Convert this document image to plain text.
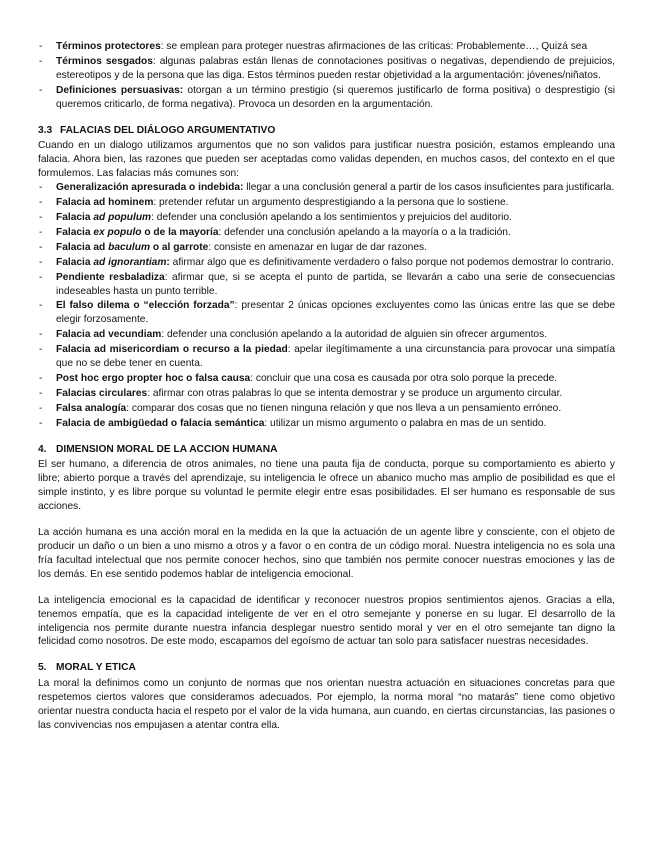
- Términos protectores: se emplean para proteger nuestras afirmaciones de las críticas: Probablemente…, Quizá sea
- Términos sesgados: algunas palabras están llenas de connotaciones positivas o negativas, dependiendo de prejuicios, estereotipos y de la persona que las diga. Estos términos pueden restar objetividad a la argumentación: jóvenes/niñatos.
- Definiciones persuasivas: otorgan a un término prestigio (si queremos justificarlo de forma positiva) o desprestigio (si queremos criticarlo, de forma negativa). Provoca un desorden en la argumentación.
3.3 FALACIAS DEL DIÁLOGO ARGUMENTATIVO

Cuando en un dialogo utilizamos argumentos que no son validos para justificar nuestra posición, estamos empleando una falacia. Ahora bien, las razones que pueden ser aceptadas como validas dependen, en muchos casos, del contexto en el que formulemos. Las falacias más comunes son:

- Generalización apresurada o indebida: llegar a una conclusión general a partir de los casos insuficientes para justificarla.
- Falacia ad hominem: pretender refutar un argumento desprestigiando a la persona que lo sostiene.
- Falacia ad populum: defender una conclusión apelando a los sentimientos y prejuicios del auditorio.
- Falacia ex populo o de la mayoría: defender una conclusión apelando a la mayoría o a la tradición.
- Falacia ad baculum o al garrote: consiste en amenazar en lugar de dar razones.
- Falacia ad ignorantiam: afirmar algo que es definitivamente verdadero o falso porque not podemos demostrar lo contrario.
- Pendiente resbaladiza: afirmar que, si se acepta el punto de partida, se llevarán a cabo una serie de consecuencias indeseables hasta un punto terrible.
- El falso dilema o “elección forzada”: presentar 2 únicas opciones excluyentes como las únicas entre las que se debe elegir forzosamente.
- Falacia ad vecundiam: defender una conclusión apelando a la autoridad de alguien sin ofrecer argumentos.
- Falacia ad misericordiam o recurso a la piedad: apelar ilegítimamente a una circunstancia para provocar una simpatía que no se debe tener en cuenta.
- Post hoc ergo propter hoc o falsa causa: concluir que una cosa es causada por otra solo porque la precede.
- Falacias circulares: afirmar con otras palabras lo que se intenta demostrar y se produce un argumento circular.
- Falsa analogía: comparar dos cosas que no tienen ninguna relación y que nos lleva a un pensamiento erróneo.
- Falacia de ambigüedad o falacia semántica: utilizar un mismo argumento o palabra en mas de un sentido.
4. DIMENSION MORAL DE LA ACCION HUMANA

El ser humano, a diferencia de otros animales, no tiene una pauta fija de conducta, porque su comportamiento es abierto y libre; abierto porque a través del aprendizaje, su inteligencia le ofrece un abanico mucho mas amplio de posibilidad es que el simple instinto, y es libre porque su voluntad le permite elegir entre esas posibilidades. El ser humano es responsable de sus acciones.

La acción humana es una acción moral en la medida en la que la actuación de un agente libre y consciente, con el objeto de producir un daño o un bien a uno mismo a otros y a favor o en contra de un código moral. Nuestra inteligencia no es sola una fría facultad intelectual que nos permite conocer hechos, sino que también nos permite conocer nuestras emociones y las de los demás. En ese sentido podemos hablar de inteligencia emocional.

La inteligencia emocional es la capacidad de identificar y reconocer nuestros propios sentimientos ajenos. Gracias a ella, tenemos empatía, que es la capacidad inteligente de ver en el otro semejante y ponerse en su lugar. El desarrollo de la inteligencia nos permite durante nuestra infancia desplegar nuestro sentido moral y ver en el otro semejante tan digno la felicidad como nosotros. De este modo, escapamos del egoísmo de actuar tan solo para satisfacer nuestras necesidades.

5. MORAL Y ETICA

La moral la definimos como un conjunto de normas que nos orientan nuestra actuación en situaciones concretas para que respetemos ciertos valores que consideramos adecuados. Por ejemplo, la norma moral “no matarás” tiene como objetivo orientar nuestra conducta hacia el respeto por el valor de la vida humana, aun cuando, en ciertas circunstancias, las pasiones o las convivencias nos empujasen a atentar contra ella.
